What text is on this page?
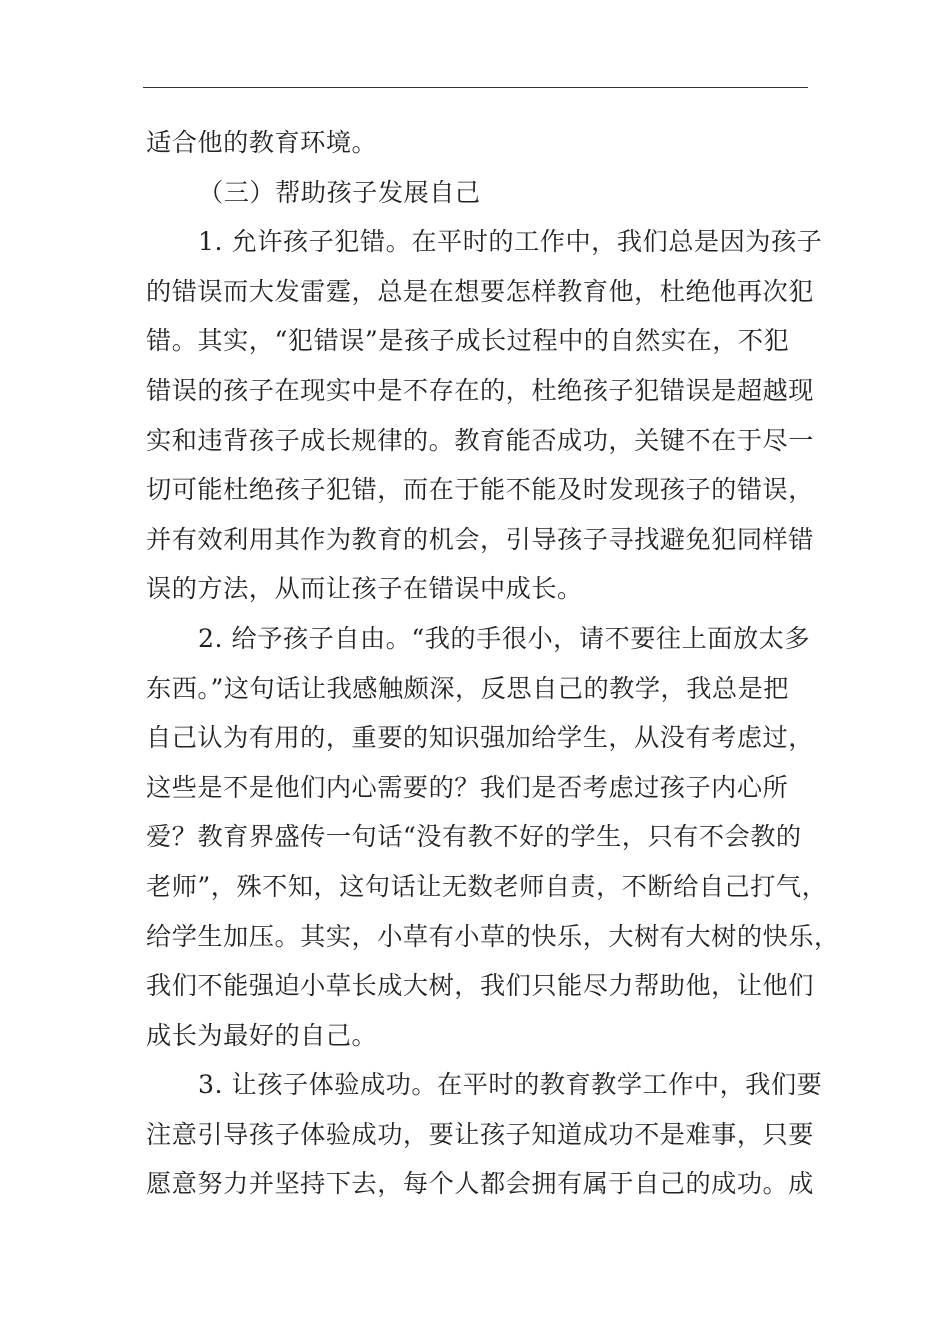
适合他的教育环境。
（三）帮助孩子发展自己
1. 允许孩子犯错。在平时的工作中，我们总是因为孩子
的错误而大发雷霆，总是在想要怎样教育他，杜绝他再次犯
错。其实，“犯错误”是孩子成长过程中的自然实在，不犯
错误的孩子在现实中是不存在的，杜绝孩子犯错误是超越现
实和违背孩子成长规律的。教育能否成功，关键不在于尽一
切可能杜绝孩子犯错，而在于能不能及时发现孩子的错误，
并有效利用其作为教育的机会，引导孩子寻找避免犯同样错
误的方法，从而让孩子在错误中成长。
2. 给予孩子自由。“我的手很小，请不要往上面放太多
东西。”这句话让我感触颇深，反思自己的教学，我总是把
自己认为有用的，重要的知识强加给学生，从没有考虑过，
这些是不是他们内心需要的？我们是否考虑过孩子内心所
爱？教育界盛传一句话“没有教不好的学生，只有不会教的
老师”，殊不知，这句话让无数老师自责，不断给自己打气，
给学生加压。其实，小草有小草的快乐，大树有大树的快乐，
我们不能强迫小草长成大树，我们只能尽力帮助他，让他们
成长为最好的自己。
3. 让孩子体验成功。在平时的教育教学工作中，我们要
注意引导孩子体验成功，要让孩子知道成功不是难事，只要
愿意努力并坚持下去，每个人都会拥有属于自己的成功。成
